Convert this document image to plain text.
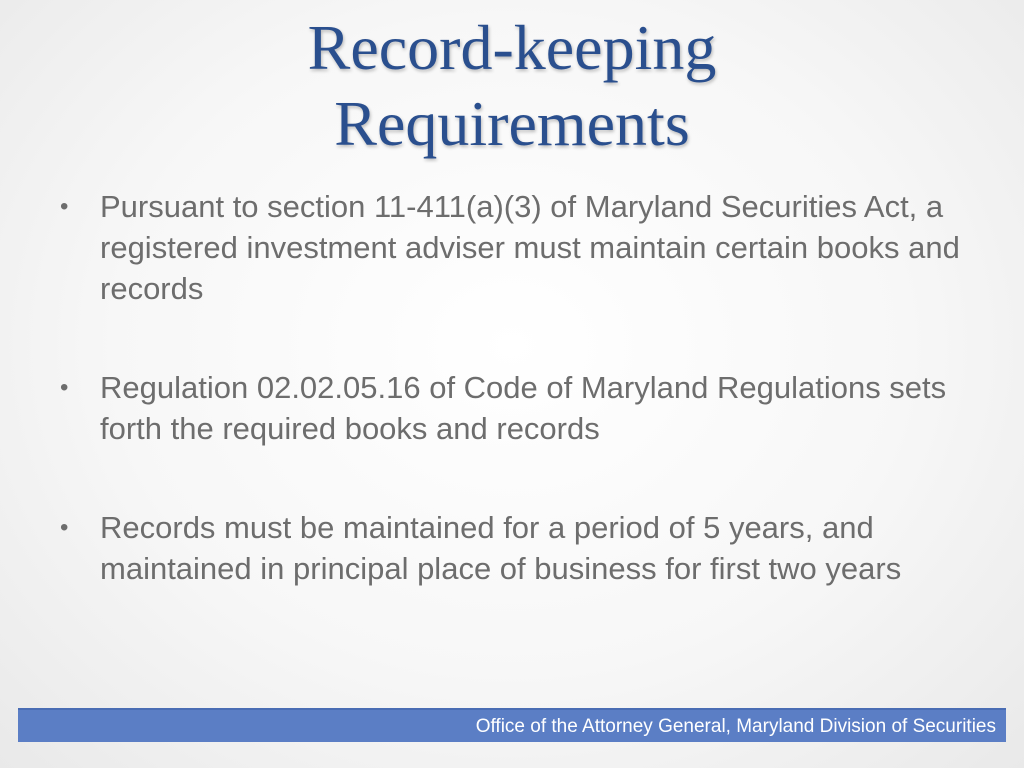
Record-keeping
Requirements
• Pursuant to section 11-411(a)(3) of Maryland Securities Act, a registered investment adviser must maintain certain books and records
• Regulation 02.02.05.16 of Code of Maryland Regulations sets forth the required books and records
• Records must be maintained for a period of 5 years, and maintained in principal place of business for first two years
Office of the Attorney General, Maryland Division of Securities
